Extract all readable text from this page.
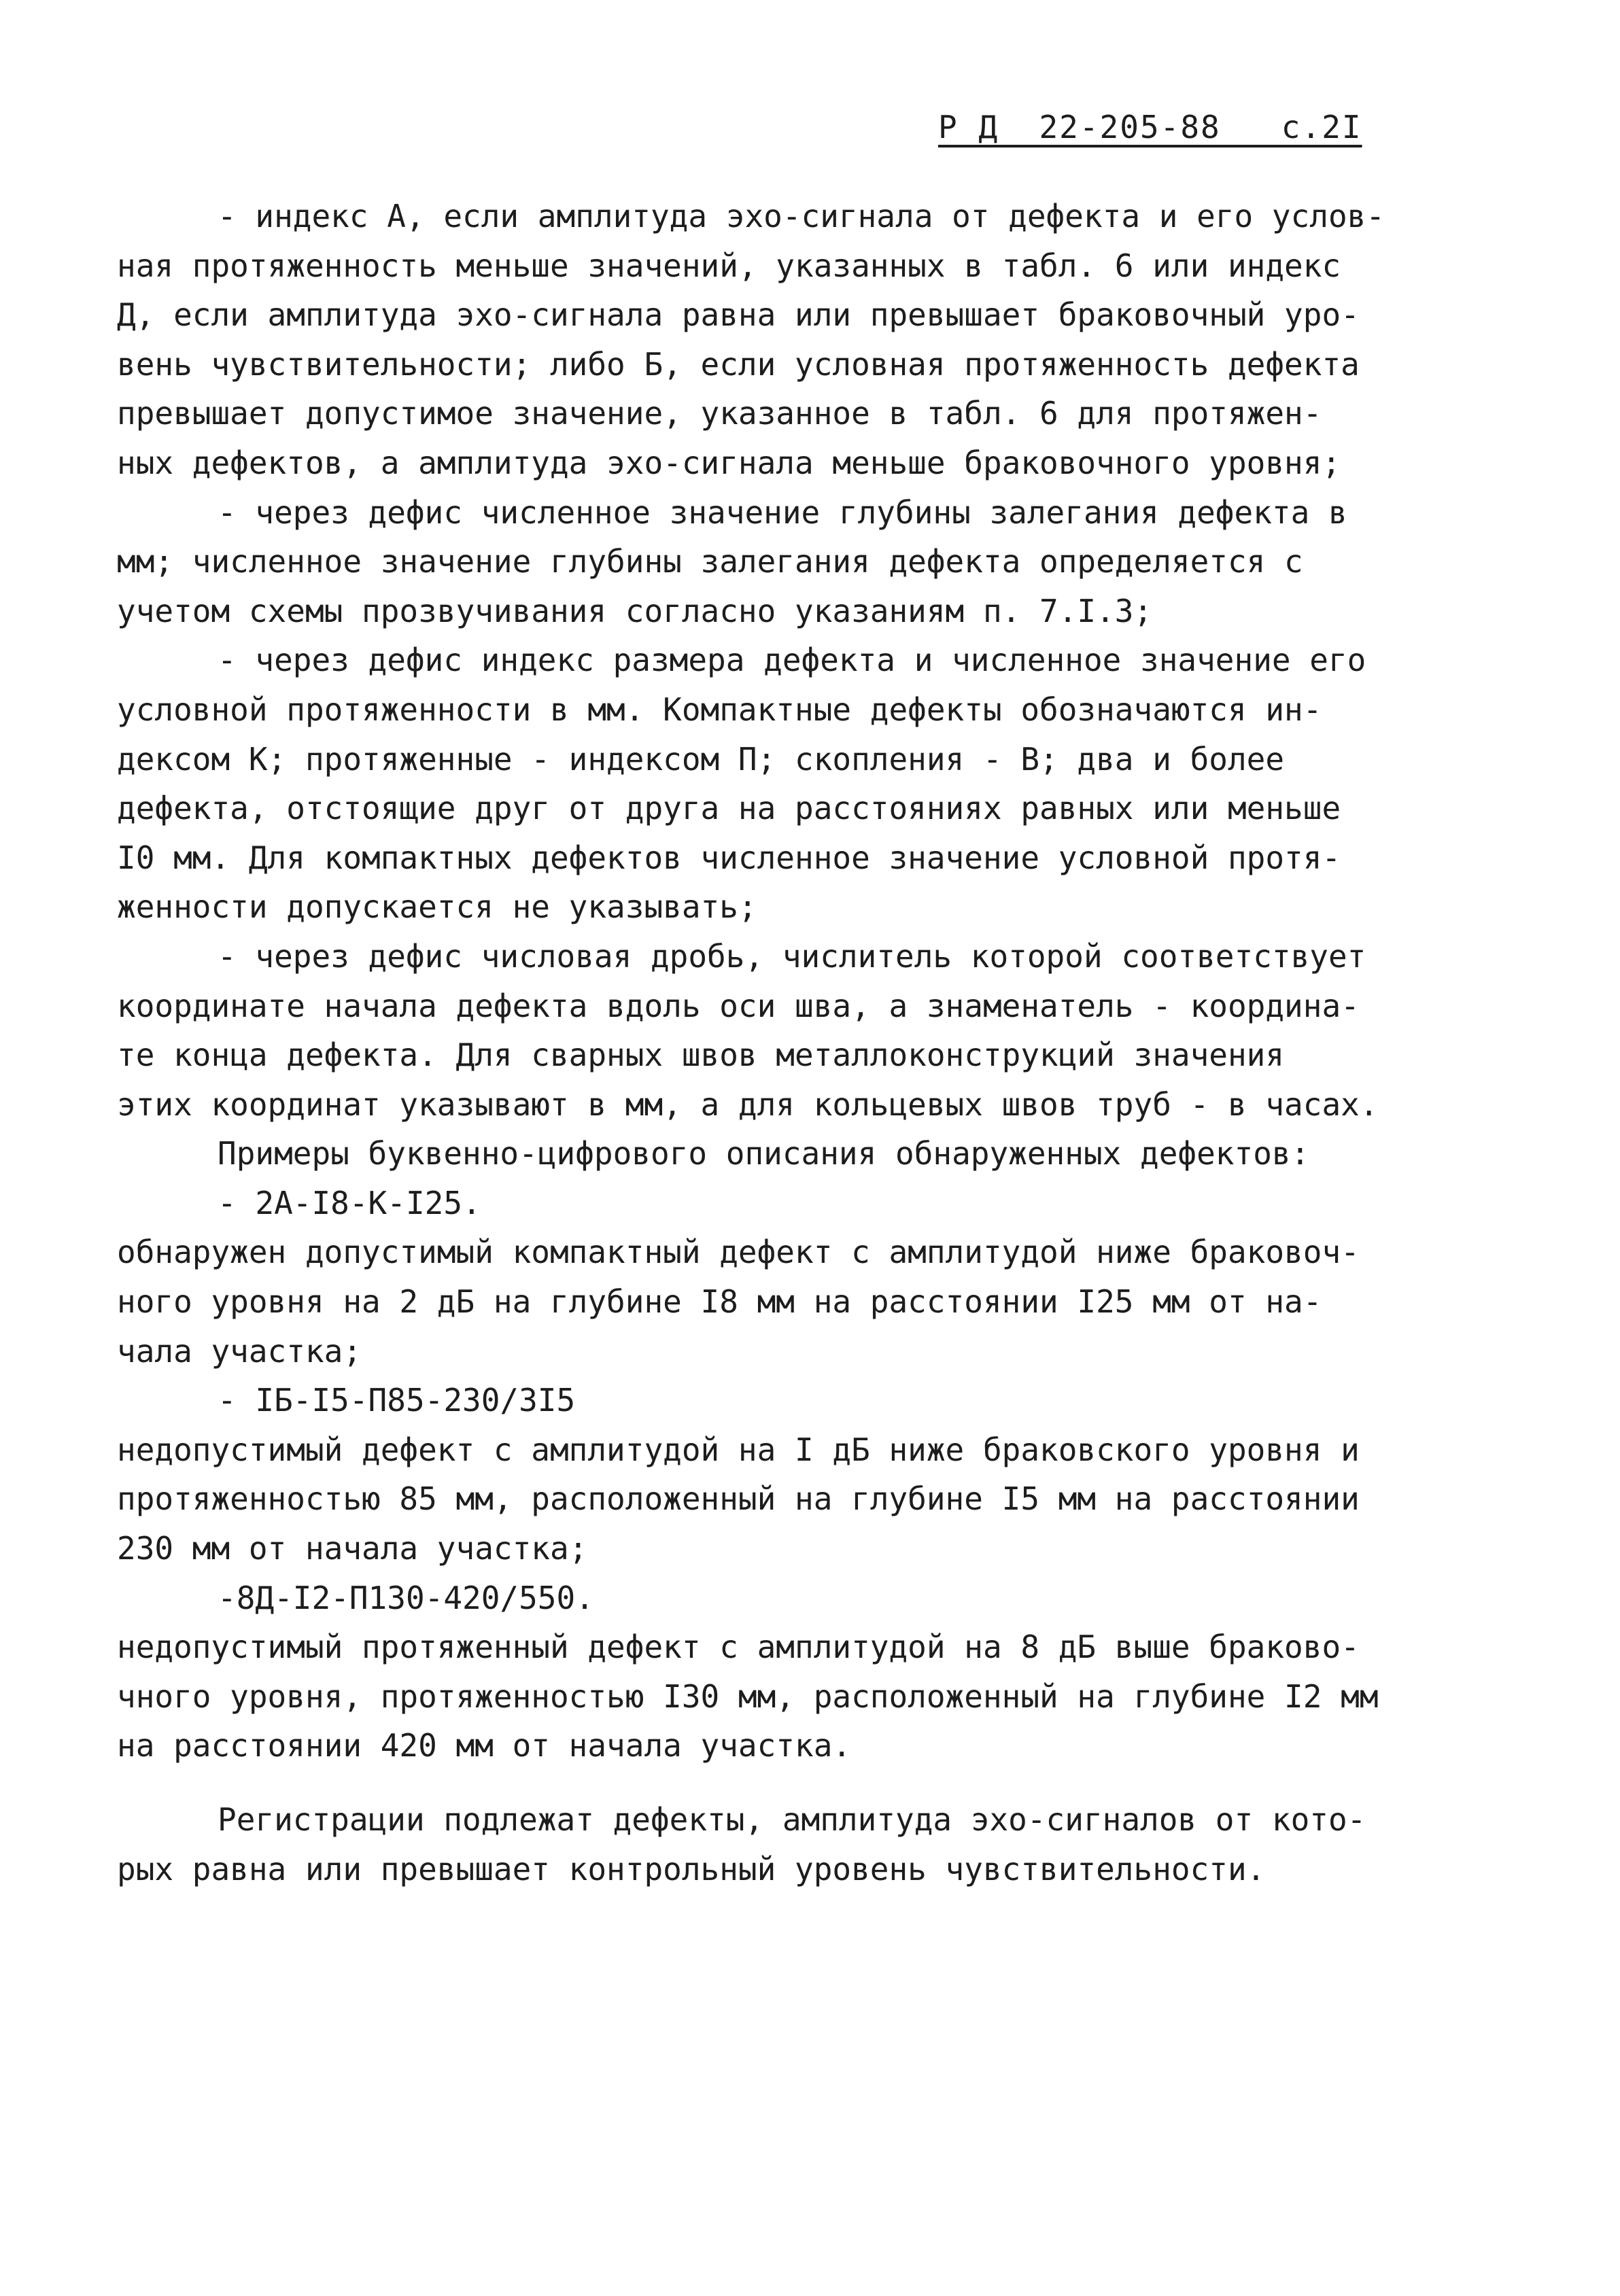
Р Д  22-205-88   с.2I
- индекс А, если амплитуда эхо-сигнала от дефекта и его услов-
ная протяженность меньше значений, указанных в табл. 6 или индекс
Д, если амплитуда эхо-сигнала равна или превышает браковочный уро-
вень чувствительности; либо Б, если условная протяженность дефекта
превышает допустимое значение, указанное в табл. 6 для протяжен-
ных дефектов, а амплитуда эхо-сигнала меньше браковочного уровня;
- через дефис численное значение глубины залегания дефекта в
мм; численное значение глубины залегания дефекта определяется с
учетом схемы прозвучивания согласно указаниям п. 7.I.3;
- через дефис индекс размера дефекта и численное значение его
условной протяженности в мм. Компактные дефекты обозначаются ин-
дексом К; протяженные - индексом П; скопления - В; два и более
дефекта, отстоящие друг от друга на расстояниях равных или меньше
I0 мм. Для компактных дефектов численное значение условной протя-
женности допускается не указывать;
- через дефис числовая дробь, числитель которой соответствует
координате начала дефекта вдоль оси шва, а знаменатель - координа-
те конца дефекта. Для сварных швов металлоконструкций значения
этих координат указывают в мм, а для кольцевых швов труб - в часах.
Примеры буквенно-цифрового описания обнаруженных дефектов:
- 2А-I8-К-I25.
обнаружен допустимый компактный дефект с амплитудой ниже браковоч-
ного уровня на 2 дБ на глубине I8 мм на расстоянии I25 мм от на-
чала участка;
- IБ-I5-П85-230/3I5
недопустимый дефект с амплитудой на I дБ ниже браковского уровня и
протяженностью 85 мм, расположенный на глубине I5 мм на расстоянии
230 мм от начала участка;
-8Д-I2-П130-420/550.
недопустимый протяженный дефект с амплитудой на 8 дБ выше браково-
чного уровня, протяженностью I30 мм, расположенный на глубине I2 мм
на расстоянии 420 мм от начала участка.
Регистрации подлежат дефекты, амплитуда эхо-сигналов от кото-
рых равна или превышает контрольный уровень чувствительности.
